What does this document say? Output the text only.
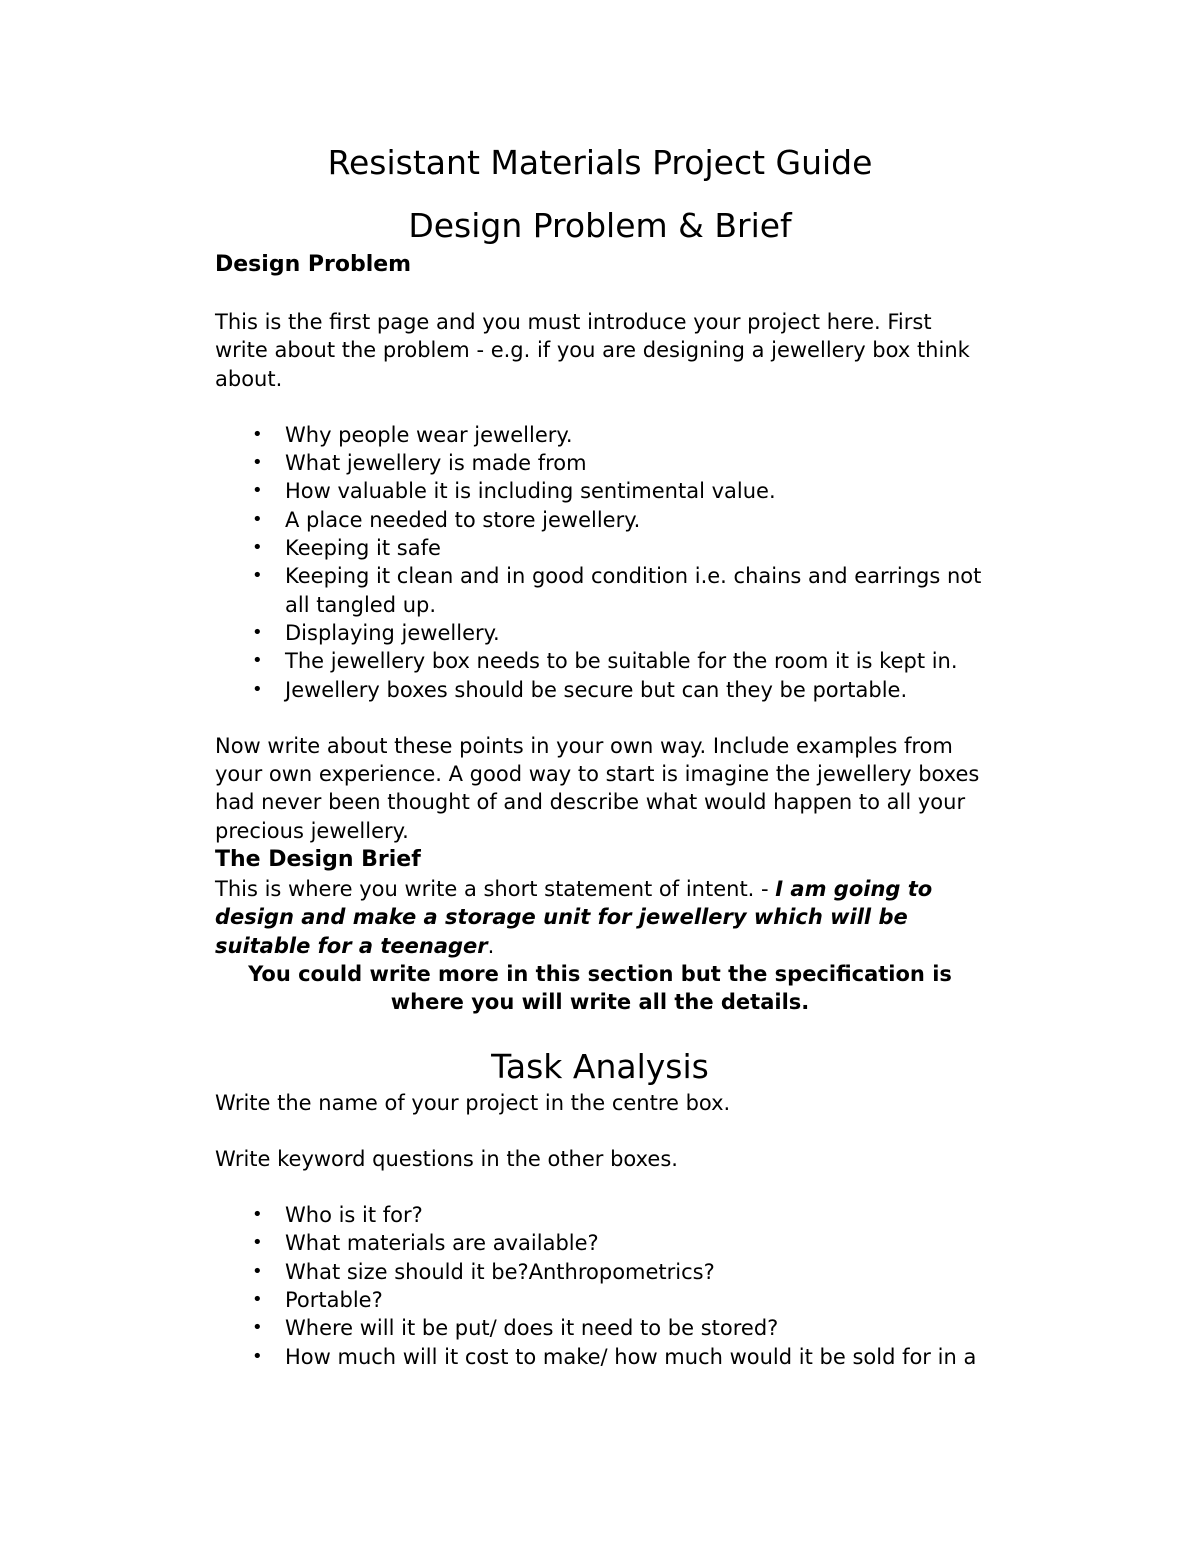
Resistant Materials Project Guide
Design Problem & Brief
Design Problem

This is the first page and you must introduce your project here. First write about the problem - e.g. if you are designing a jewellery box think about.

• Why people wear jewellery.
• What jewellery is made from
• How valuable it is including sentimental value.
• A place needed to store jewellery.
• Keeping it safe
• Keeping it clean and in good condition i.e. chains and earrings not all tangled up.
• Displaying jewellery.
• The jewellery box needs to be suitable for the room it is kept in.
• Jewellery boxes should be secure but can they be portable.

Now write about these points in your own way. Include examples from your own experience. A good way to start is imagine the jewellery boxes had never been thought of and describe what would happen to all your precious jewellery.

The Design Brief

This is where you write a short statement of intent. - I am going to design and make a storage unit for jewellery which will be suitable for a teenager.

You could write more in this section but the specification is where you will write all the details.

Task Analysis

Write the name of your project in the centre box.

Write keyword questions in the other boxes.

• Who is it for?
• What materials are available?
• What size should it be?Anthropometrics?
• Portable?
• Where will it be put/ does it need to be stored?
• How much will it cost to make/ how much would it be sold for in a
